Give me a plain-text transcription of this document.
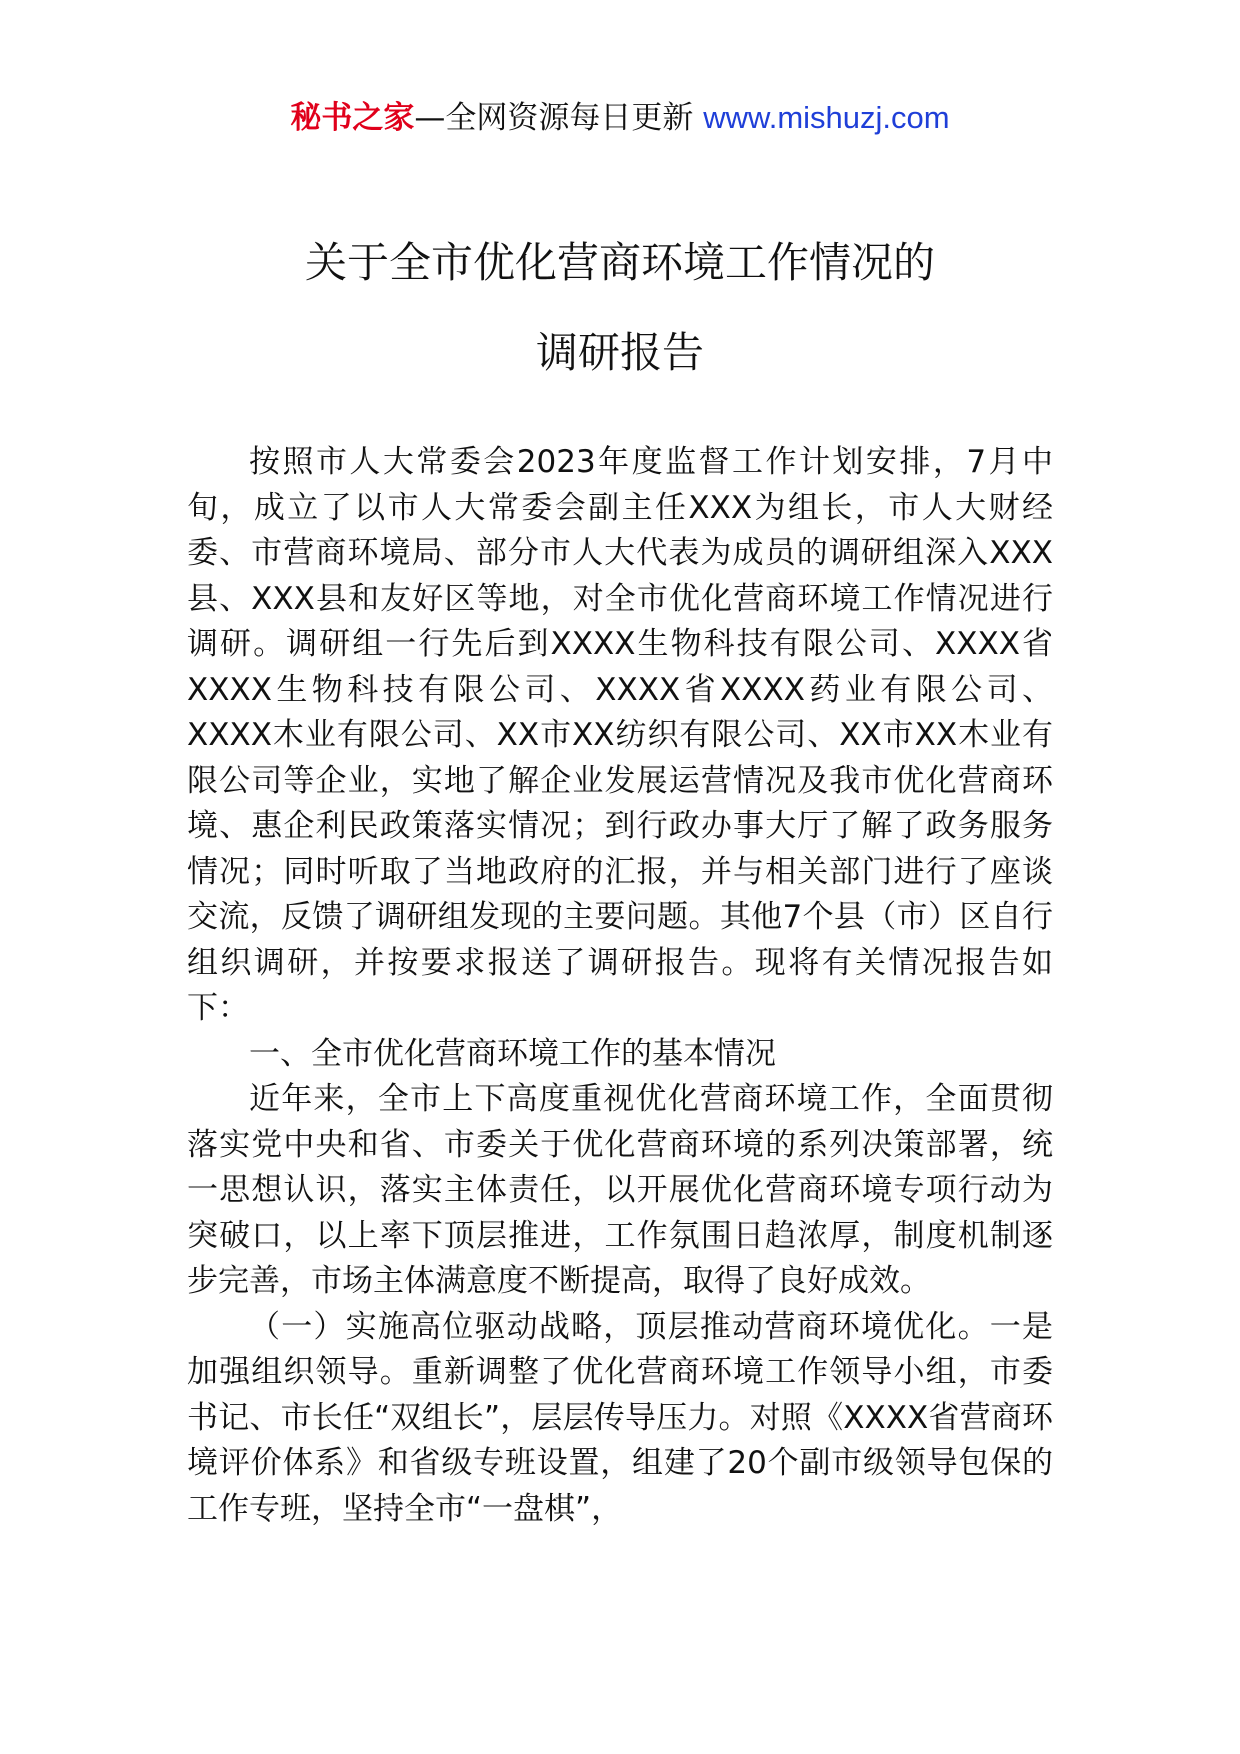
秘书之家—全网资源每日更新 www.mishuzj.com
关于全市优化营商环境工作情况的
调研报告

按照市人大常委会2023年度监督工作计划安排，7月中旬，成立了以市人大常委会副主任XXX为组长，市人大财经委、市营商环境局、部分市人大代表为成员的调研组深入XXX县、XXX县和友好区等地，对全市优化营商环境工作情况进行调研。调研组一行先后到XXXX生物科技有限公司、XXXX省XXXX生物科技有限公司、XXXX省XXXX药业有限公司、XXXX木业有限公司、XX市XX纺织有限公司、XX市XX木业有限公司等企业，实地了解企业发展运营情况及我市优化营商环境、惠企利民政策落实情况；到行政办事大厅了解了政务服务情况；同时听取了当地政府的汇报，并与相关部门进行了座谈交流，反馈了调研组发现的主要问题。其他7个县（市）区自行组织调研，并按要求报送了调研报告。现将有关情况报告如下：

一、全市优化营商环境工作的基本情况

近年来，全市上下高度重视优化营商环境工作，全面贯彻落实党中央和省、市委关于优化营商环境的系列决策部署，统一思想认识，落实主体责任，以开展优化营商环境专项行动为突破口，以上率下顶层推进，工作氛围日趋浓厚，制度机制逐步完善，市场主体满意度不断提高，取得了良好成效。

（一）实施高位驱动战略，顶层推动营商环境优化。一是加强组织领导。重新调整了优化营商环境工作领导小组，市委书记、市长任“双组长”，层层传导压力。对照《XXXX省营商环境评价体系》和省级专班设置，组建了20个副市级领导包保的工作专班，坚持全市“一盘棋”，
